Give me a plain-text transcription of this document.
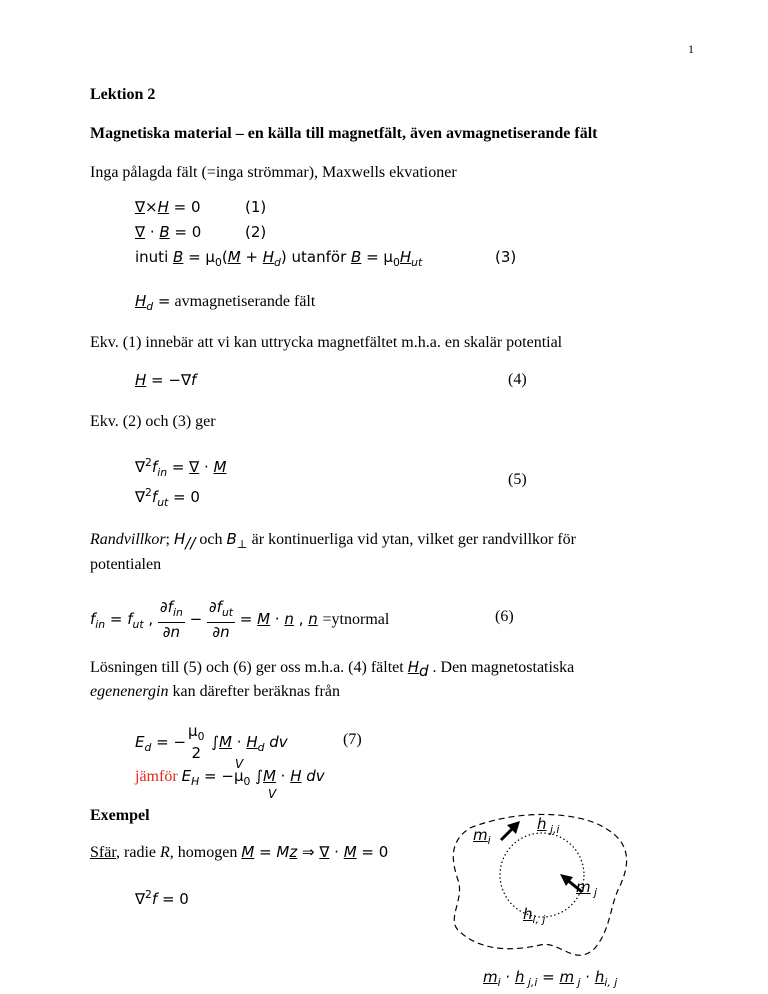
1
Lektion 2
Magnetiska material – en källa till magnetfält, även avmagnetiserande fält
Inga pålagda fält (=inga strömmar), Maxwells ekvationer
∇×H = 0	(1)
∇ · B = 0	(2)
inuti $B = \mu_0(M + H_d)$ utanför $B = \mu_0H_{ut}$	(3)
$H_d$ = avmagnetiserande fält
Ekv. (1) innebär att vi kan uttrycka magnetfältet m.h.a. en skalär potential
H = −∇f	(4)
Ekv. (2) och (3) ger
$\nabla^2f_{in}$ = ∇ · M
$\nabla^2f_{ut} = 0$
(5)
Randvillkor; $H_{//}$ och $B_\perp$ är kontinuerliga vid ytan, vilket ger randvillkor för
potentialen
$f_{in} = f_{ut}$ , $\frac{\partial f_{in}}{\partial n} - \frac{\partial f_{ut}}{\partial n} = M \cdot n$ , n =ytnormal	(6)
Lösningen till (5) och (6) ger oss m.h.a. (4) fältet $H_d$ . Den magnetostatiska
egenenergin kan därefter beräknas från
$E_d$ = −
$\mu_0$
2
$\int M \cdot H_d$ dv
V
(7)
jämför $E_H = -\mu_0$ ∫M · H dv
V
Exempel
Sfär, radie R, homogen M = Mz ⇒ ∇ · M = 0
∇$^2$f = 0
$m_i$
h $_{j,i}$
m $_j$
$h_{i, j}$
$m_i \cdot h$ $_{j,i}$ = m $_j \cdot h_{i, j}$
